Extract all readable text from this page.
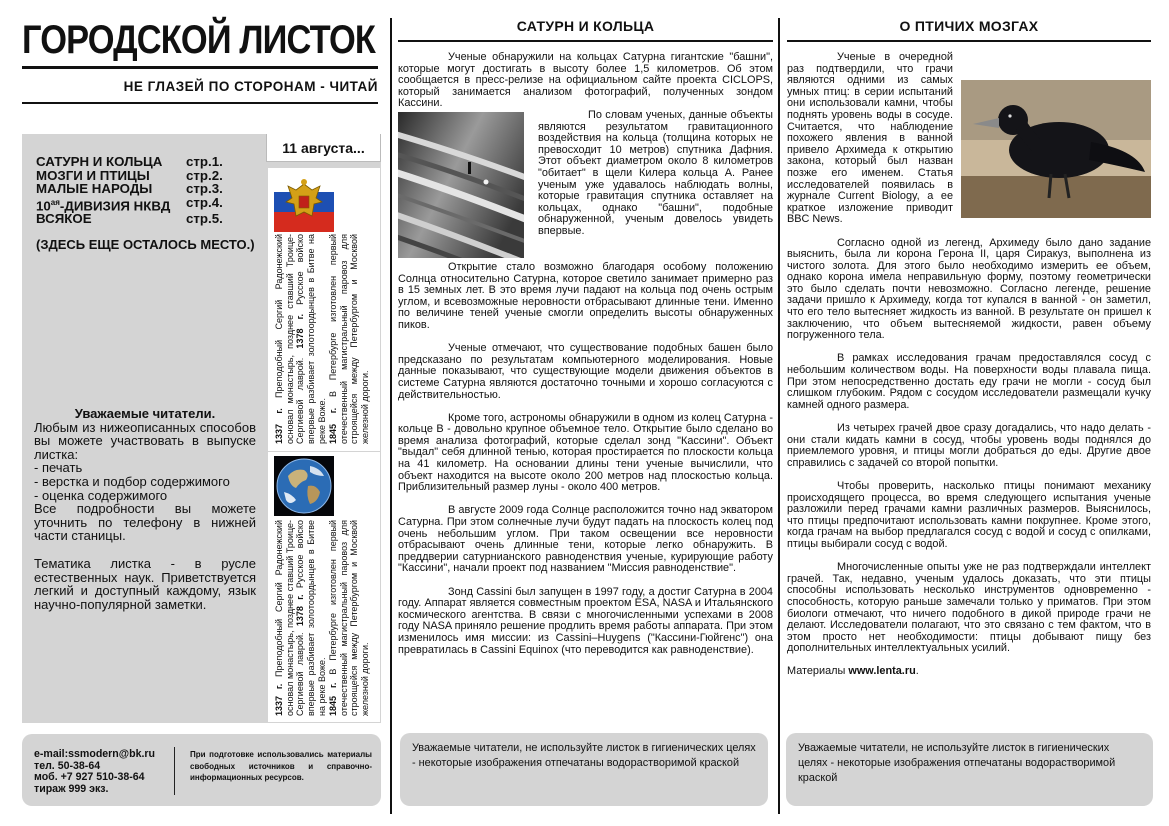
ГОРОДСКОЙ ЛИСТОК
НЕ ГЛАЗЕЙ ПО СТОРОНАМ - ЧИТАЙ
САТУРН И КОЛЬЦА	стр.1.
МОЗГИ И ПТИЦЫ	стр.2.
МАЛЫЕ НАРОДЫ	стр.3.
$10^{ая}$-ДИВИЗИЯ НКВД	стр.4.
ВСЯКОЕ	стр.5.
(ЗДЕСЬ ЕЩЕ ОСТАЛОСЬ МЕСТО.)

Уважаемые читатели.

Любым из нижеописанных способов вы можете участвовать в выпуске листка:

- печать
- верстка и подбор содержимого
- оценка содержимого

Все подробности вы можете уточнить по телефону в нижней части станицы.

Тематика листка - в русле естественных наук. Приветствуется легкий и доступный каждому, язык научно-популярной заметки.

11 августа...
1337 г. Преподобный Сергий Радонежский основал монастырь, позднее ставший Троице-Сергиевой лаврой. 1378 г. Русское войско впервые разбивает золотоордынцев в Битве на реке Воже. 1845 г. В Петербурге изготовлен первый отечественный магистральный паровоз для строящейся между Петербургом и Москвой железной дороги.
1337 г. Преподобный Сергий Радонежский основал монастырь, позднее ставший Троице-Сергиевой лаврой. 1378 г. Русское войско впервые разбивает золотоордынцев в Битве на реке Воже. 1845 г. В Петербурге изготовлен первый отечественный магистральный паровоз для строящейся между Петербургом и Москвой железной дороги.
e-mail:ssmodern@bk.ru
тел. 50-38-64
моб. +7 927 510-38-64
тираж 999 экз.
При подготовке использовались материалы свободных источников и справочно-информационных ресурсов.
САТУРН И КОЛЬЦА

Ученые обнаружили на кольцах Сатурна гигантские "башни", которые могут достигать в высоту более 1,5 километров. Об этом сообщается в пресс-релизе на официальном сайте проекта CICLOPS, который занимается анализом фотографий, полученных зондом Кассини.

По словам ученых, данные объекты являются результатом гравитационного воздействия на кольца (толщина которых не превосходит 10 метров) спутника Дафния. Этот объект диаметром около 8 километров "обитает" в щели Килера кольца А. Ранее ученым уже удавалось наблюдать волны, которые гравитация спутника оставляет на кольцах, однако "башни", подобные обнаруженной, ученым довелось увидеть впервые.

Открытие стало возможно благодаря особому положению Солнца относительно Сатурна, которое светило занимает примерно раз в 15 земных лет. В это время лучи падают на кольца под очень острым углом, и всевозможные неровности отбрасывают длинные тени. Именно по величине теней ученые смогли определить высоты обнаруженных пиков.

Ученые отмечают, что существование подобных башен было предсказано по результатам компьютерного моделирования. Новые данные показывают, что существующие модели движения объектов в системе Сатурна являются достаточно точными и хорошо согласуются с действительностью.

Кроме того, астрономы обнаружили в одном из колец Сатурна - кольце B - довольно крупное объемное тело. Открытие было сделано во время анализа фотографий, которые сделал зонд "Кассини". Объект "выдал" себя длинной тенью, которая простирается по плоскости кольца на 41 километр. На основании длины тени ученые вычислили, что объект находится на высоте около 200 метров над плоскостью кольца. Приблизительный размер луны - около 400 метров.

В августе 2009 года Солнце расположится точно над экватором Сатурна. При этом солнечные лучи будут падать на плоскость колец под очень небольшим углом. При таком освещении все неровности отбрасывают очень длинные тени, которые легко обнаружить. В преддверии сатурнианского равноденствия ученые, курирующие работу "Кассини", начали проект под названием "Миссия равноденствие".

Зонд Cassini был запущен в 1997 году, а достиг Сатурна в 2004 году. Аппарат является совместным проектом ESA, NASA и Итальянского космического агентства. В связи с многочисленными успехами в 2008 году NASA приняло решение продлить время работы аппарата. При этом изменилось имя миссии: из Cassini–Huygens ("Кассини-Гюйгенс") она превратилась в Cassini Equinox (что переводится как равноденствие).

Уважаемые читатели, не используйте листок в гигиенических целях - некоторые изображения отпечатаны водорастворимой краской
О ПТИЧИХ МОЗГАХ

Ученые в очередной раз подтвердили, что грачи являются одними из самых умных птиц: в серии испытаний они использовали камни, чтобы поднять уровень воды в сосуде. Считается, что наблюдение похожего явления в ванной привело Архимеда к открытию закона, который был назван позже его именем. Статья исследователей появилась в журнале Current Biology, а ее краткое изложение приводит BBC News.

Согласно одной из легенд, Архимеду было дано задание выяснить, была ли корона Герона II, царя Сиракуз, выполнена из чистого золота. Для этого было необходимо измерить ее объем, однако корона имела неправильную форму, поэтому геометрически это было сделать почти невозможно. Согласно легенде, решение задачи пришло к Архимеду, когда тот купался в ванной - он заметил, что его тело вытесняет жидкость из ванной. В результате он пришел к заключению, что объем вытесняемой жидкости, равен объему погруженного тела.

В рамках исследования грачам предоставлялся сосуд с небольшим количеством воды. На поверхности воды плавала пища. При этом непосредственно достать еду грачи не могли - сосуд был слишком глубоким. Рядом с сосудом исследователи размещали кучку камней одного размера.

Из четырех грачей двое сразу догадались, что надо делать - они стали кидать камни в сосуд, чтобы уровень воды поднялся до приемлемого уровня, и птицы могли добраться до еды. Другие двое справились с задачей со второй попытки.

Чтобы проверить, насколько птицы понимают механику происходящего процесса, во время следующего испытания ученые разложили перед грачами камни различных размеров. Выяснилось, что птицы предпочитают использовать камни покрупнее. Кроме этого, когда грачам на выбор предлагался сосуд с водой и сосуд с опилками, птицы выбирали сосуд с водой.

Многочисленные опыты уже не раз подтверждали интеллект грачей. Так, недавно, ученым удалось доказать, что эти птицы способны использовать несколько инструментов одновременно - способность, которую раньше замечали только у приматов. При этом биологи отмечают, что ничего подобного в дикой природе грачи не делают. Исследователи полагают, что это связано с тем фактом, что в этом просто нет необходимости: птицы добывают пищу без дополнительных интеллектуальных усилий.

Материалы www.lenta.ru.

Уважаемые читатели, не используйте листок в гигиенических целях - некоторые изображения отпечатаны водорастворимой краской
